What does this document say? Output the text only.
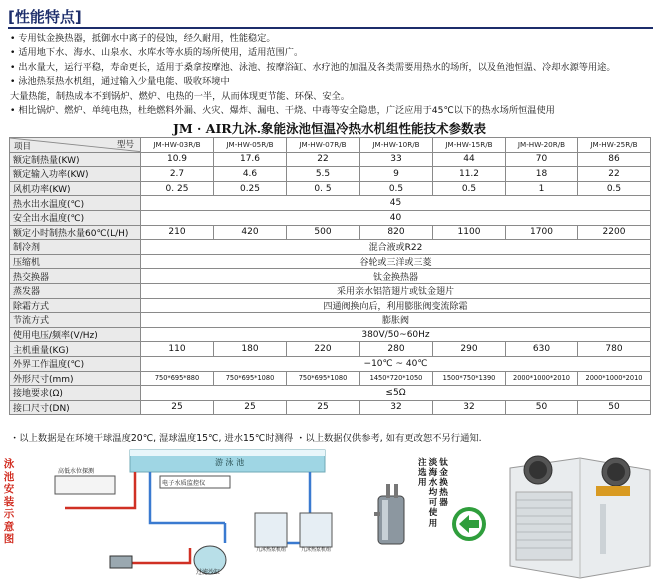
[性能特点]
• 专用钛金换热器，抵御水中离子的侵蚀，经久耐用，性能稳定。
• 适用地下水、海水、山泉水、水库水等水质的场所使用，适用范围广。
• 出水量大，运行平稳，寿命更长，适用于桑拿按摩池、泳池、按摩浴缸、水疗池的加温及各类需要用热水的场所，以及鱼池恒温、冷却水源等用途。
• 泳池热泵热水机组，通过输入少量电能、吸收环境中
大量热能，制热成本不到锅炉、燃炉、电热的一半，从而体现更节能、环保、安全。
• 相比锅炉、燃炉、单纯电热，杜绝燃料外漏、火灾、爆炸、漏电、干烧、中毒等安全隐患，广泛应用于45℃以下的热水场所恒温使用
JM · AIR九沐.象能泳池恒温冷热水机组性能技术参数表
型号
项目	JM-HW-03R/B	JM-HW-05R/B	JM-HW-07R/B	JM-HW-10R/B	JM-HW-15R/B	JM-HW-20R/B	JM-HW-25R/B
额定制热量(KW)	10.9	17.6	22	33	44	70	86
额定输入功率(KW)	2.7	4.6	5.5	9	11.2	18	22
风机功率(KW)	0. 25	0.25	0. 5	0.5	0.5	1	0.5
热水出水温度(℃)	45						
安全出水温度(℃)	40						
额定小时制热水量60℃(L/H)	210	420	500	820	1100	1700	2200
制冷剂	混合液或R22						
压缩机	谷轮或三洋或三菱						
热交换器	钛金换热器						
蒸发器	采用亲水铝箔翅片或钛金翅片						
除霜方式	四通阀换向后，利用膨胀阀变流除霜						
节流方式	膨胀阀						
使用电压/频率(V/Hz)	380V/50~60Hz						
主机重量(KG)	110	180	220	280	290	630	780
外界工作温度(℃)	−10℃ ~ 40℃						
外形尺寸(mm)	750*695*880	750*695*1080	750*695*1080	1450*720*1050	1500*750*1390	2000*1000*2010	2000*1000*2010
接地要求(Ω)	≤5Ω						
接口尺寸(DN)	25	25	25	32	32	50	50
・以上数据是在环境干球温度20℃, 湿球温度15℃, 进水15℃时测得 ・以上数据仅供参考, 如有更改恕不另行通知.
泳池安装示意图
游 泳 池
高低水位探测
电子水质监控仪
九沐热泵机组	九沐热泵机组
过滤沙缸
注选用
淡海水均可使用
钛金换热器
